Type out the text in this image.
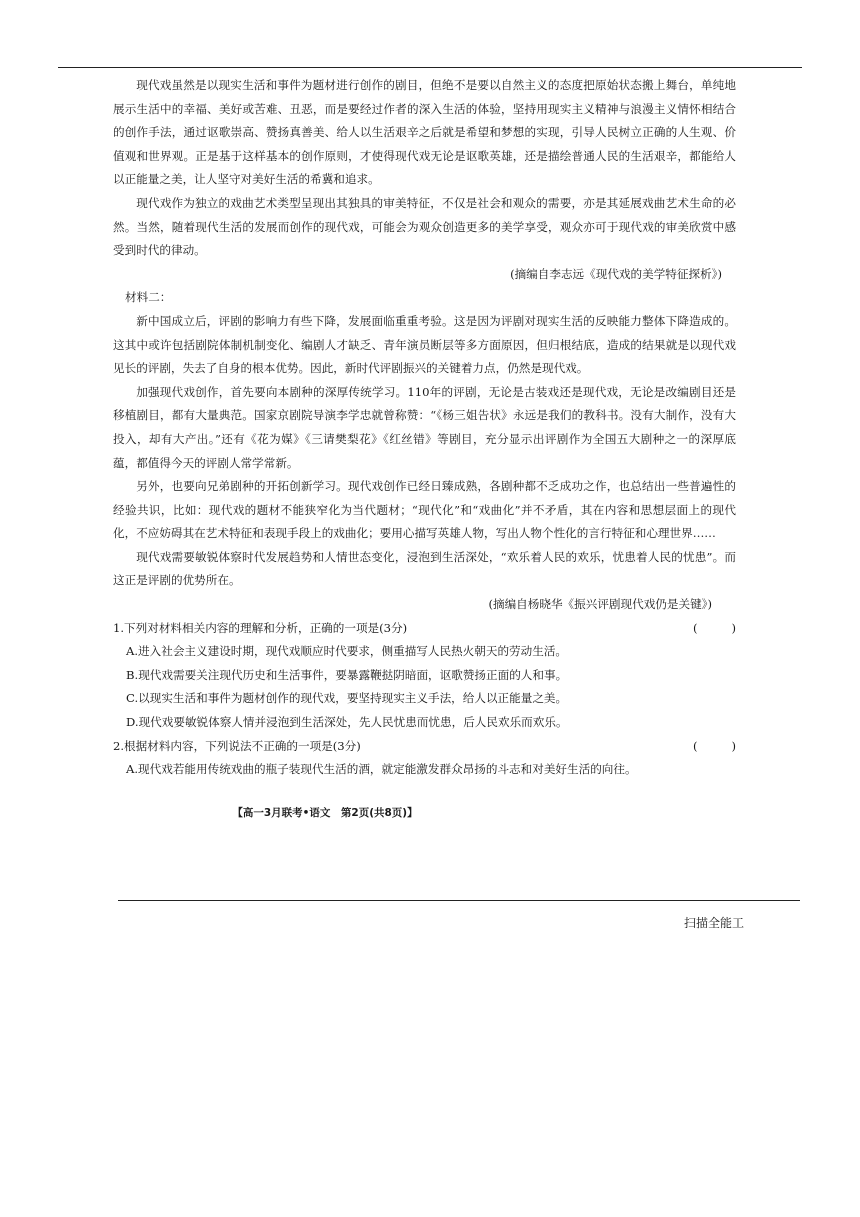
现代戏虽然是以现实生活和事件为题材进行创作的剧目，但绝不是要以自然主义的态度把原始状态搬上舞台，单纯地展示生活中的幸福、美好或苦难、丑恶，而是要经过作者的深入生活的体验，坚持用现实主义精神与浪漫主义情怀相结合的创作手法，通过讴歌崇高、赞扬真善美、给人以生活艰辛之后就是希望和梦想的实现，引导人民树立正确的人生观、价值观和世界观。正是基于这样基本的创作原则，才使得现代戏无论是讴歌英雄，还是描绘普通人民的生活艰辛，都能给人以正能量之美，让人坚守对美好生活的希冀和追求。

现代戏作为独立的戏曲艺术类型呈现出其独具的审美特征，不仅是社会和观众的需要，亦是其延展戏曲艺术生命的必然。当然，随着现代生活的发展而创作的现代戏，可能会为观众创造更多的美学享受，观众亦可于现代戏的审美欣赏中感受到时代的律动。

(摘编自李志远《现代戏的美学特征探析》)

材料二：

新中国成立后，评剧的影响力有些下降，发展面临重重考验。这是因为评剧对现实生活的反映能力整体下降造成的。这其中或许包括剧院体制机制变化、编剧人才缺乏、青年演员断层等多方面原因，但归根结底，造成的结果就是以现代戏见长的评剧，失去了自身的根本优势。因此，新时代评剧振兴的关键着力点，仍然是现代戏。

加强现代戏创作，首先要向本剧种的深厚传统学习。110年的评剧，无论是古装戏还是现代戏，无论是改编剧目还是移植剧目，都有大量典范。国家京剧院导演李学忠就曾称赞：“《杨三姐告状》永远是我们的教科书。没有大制作，没有大投入，却有大产出。”还有《花为媒》《三请樊梨花》《红丝错》等剧目，充分显示出评剧作为全国五大剧种之一的深厚底蕴，都值得今天的评剧人常学常新。

另外，也要向兄弟剧种的开拓创新学习。现代戏创作已经日臻成熟，各剧种都不乏成功之作，也总结出一些普遍性的经验共识，比如：现代戏的题材不能狭窄化为当代题材；“现代化”和“戏曲化”并不矛盾，其在内容和思想层面上的现代化，不应妨碍其在艺术特征和表现手段上的戏曲化；要用心描写英雄人物，写出人物个性化的言行特征和心理世界……

现代戏需要敏锐体察时代发展趋势和人情世态变化，浸泡到生活深处，“欢乐着人民的欢乐，忧患着人民的忧患”。而这正是评剧的优势所在。

(摘编自杨晓华《振兴评剧现代戏仍是关键》)

1.下列对材料相关内容的理解和分析，正确的一项是(3分)	(	)

A.进入社会主义建设时期，现代戏顺应时代要求，侧重描写人民热火朝天的劳动生活。

B.现代戏需要关注现代历史和生活事件，要暴露鞭挞阴暗面，讴歌赞扬正面的人和事。

C.以现实生活和事件为题材创作的现代戏，要坚持现实主义手法，给人以正能量之美。

D.现代戏要敏锐体察人情并浸泡到生活深处，先人民忧患而忧患，后人民欢乐而欢乐。

2.根据材料内容，下列说法不正确的一项是(3分)	(	)

A.现代戏若能用传统戏曲的瓶子装现代生活的酒，就定能激发群众昂扬的斗志和对美好生活的向往。

【高一3月联考•语文　第2页(共8页)】
扫描全能工
